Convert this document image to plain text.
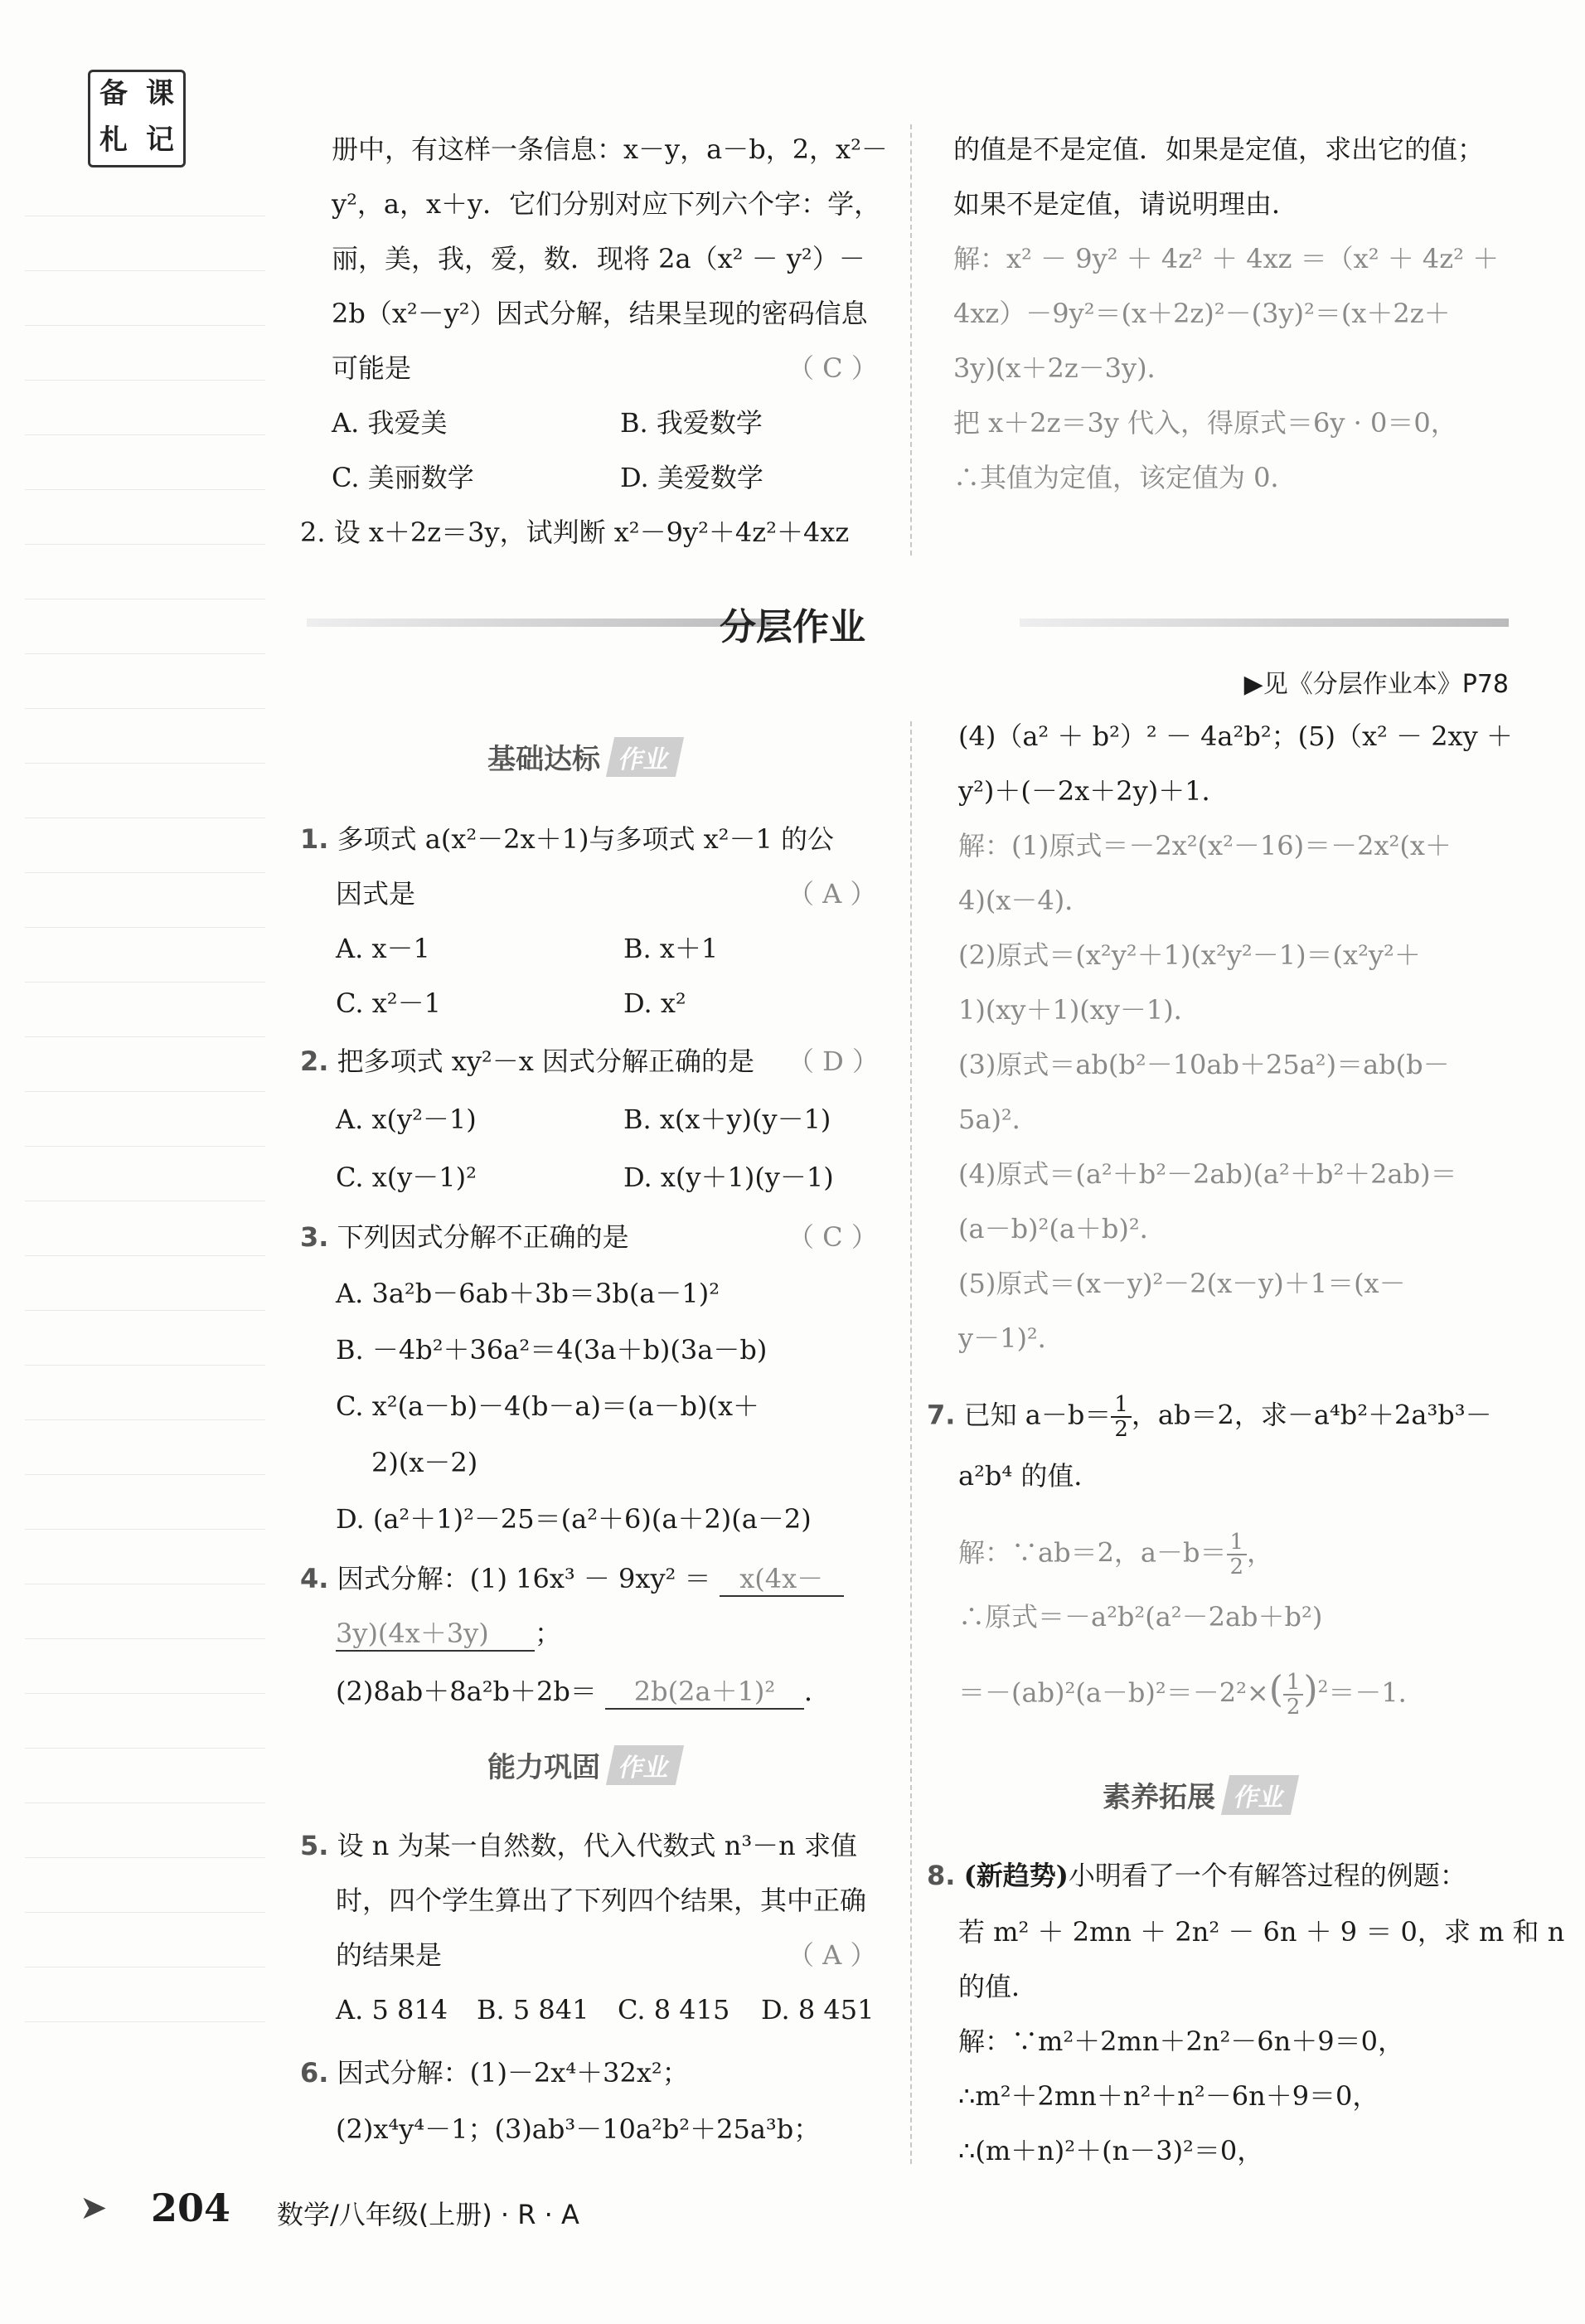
备 课
札 记	册中，有这样一条信息：x－y，a－b，2，x²－
y²，a，x＋y．它们分别对应下列六个字：学，
丽，美，我，爱，数．现将 2a（x² － y²）－
2b（x²－y²）因式分解，结果呈现的密码信息
可能是	（ C ）
A. 我爱美	B. 我爱数学
C. 美丽数学	D. 美爱数学
2. 设 x＋2z＝3y，试判断 x²－9y²＋4z²＋4xz
的值是不是定值．如果是定值，求出它的值；
如果不是定值，请说明理由．
解：x² － 9y² ＋ 4z² ＋ 4xz ＝（x² ＋ 4z² ＋
4xz）－9y²＝(x＋2z)²－(3y)²＝(x＋2z＋
3y)(x＋2z－3y)．
把 x＋2z＝3y 代入，得原式＝6y · 0＝0，
∴其值为定值，该定值为 0．
分层作业
▶见《分层作业本》P78
基础达标 作业
1. 多项式 a(x²－2x＋1)与多项式 x²－1 的公
因式是	（ A ）
A. x－1	B. x＋1
C. x²－1	D. x²
2. 把多项式 xy²－x 因式分解正确的是 （ D ）
A. x(y²－1)	B. x(x＋y)(y－1)
C. x(y－1)²	D. x(y＋1)(y－1)
3. 下列因式分解不正确的是	（ C ）
A. 3a²b－6ab＋3b＝3b(a－1)²
B. －4b²＋36a²＝4(3a＋b)(3a－b)
C. x²(a－b)－4(b－a)＝(a－b)(x＋
2)(x－2)
D. (a²＋1)²－25＝(a²＋6)(a＋2)(a－2)
4. 因式分解：(1) 16x³ － 9xy² ＝ x(4x－
3y)(4x＋3y) ；
(2)8ab＋8a²b＋2b＝ 2b(2a＋1)² ．
能力巩固 作业
5. 设 n 为某一自然数，代入代数式 n³－n 求值
时，四个学生算出了下列四个结果，其中正确
的结果是	（ A ）
A. 5 814 B. 5 841 C. 8 415 D. 8 451
6. 因式分解：(1)－2x⁴＋32x²；
(2)x⁴y⁴－1；(3)ab³－10a²b²＋25a³b；
(4)（a² ＋ b²）² － 4a²b²；(5)（x² － 2xy ＋
y²)＋(－2x＋2y)＋1．
解：(1)原式＝－2x²(x²－16)＝－2x²(x＋
4)(x－4)．
(2)原式＝(x²y²＋1)(x²y²－1)＝(x²y²＋
1)(xy＋1)(xy－1)．
(3)原式＝ab(b²－10ab＋25a²)＝ab(b－
5a)²．
(4)原式＝(a²＋b²－2ab)(a²＋b²＋2ab)＝
(a－b)²(a＋b)²．
(5)原式＝(x－y)²－2(x－y)＋1＝(x－
y－1)²．
7. 已知 $a-b= \frac{1}{2}$ ，ab＝2，求－a⁴b²＋2a³b³－
a²b⁴ 的值．
解：∵ab＝2，$a-b= \frac{1}{2}$ ，
∴原式＝－a²b²(a²－2ab＋b²)
$=-(ab)^2(a-b)^2=-2^2\times( \frac{1}{2} )^2=-1$．
素养拓展 作业
8. (新趋势)小明看了一个有解答过程的例题：
若 m² ＋ 2mn ＋ 2n² － 6n ＋ 9 ＝ 0，求 m 和 n
的值．
解：∵m²＋2mn＋2n²－6n＋9＝0，
∴m²＋2mn＋n²＋n²－6n＋9＝0，
∴(m＋n)²＋(n－3)²＝0，
➤ 204 数学/八年级(上册) · R · A
